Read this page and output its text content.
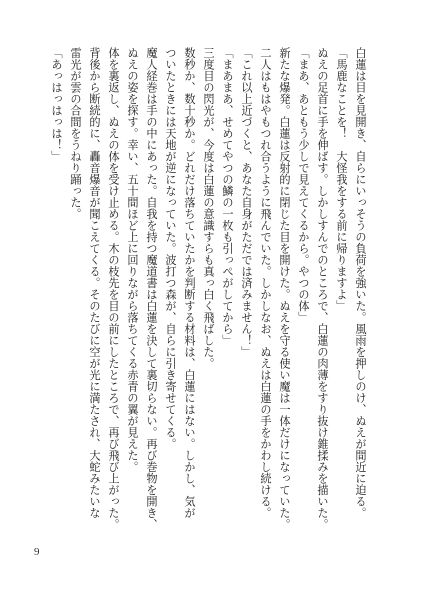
白蓮は目を見開き、自らにいっそうの負荷を強いた。風雨を押しのけ、ぬえが間近に迫る。
「馬鹿なことを！　大怪我をする前に帰りますよ」
ぬえの足首に手を伸ばす。しかしすんでのところで、白蓮の肉薄をすり抜け錐揉みを描いた。
「まあ、あともう少しで見えてくるから。やつの体」
新たな爆発。白蓮は反射的に閉じた目を開けた。ぬえを守る使い魔は一体だけになっていた。
二人はもはやもつれ合うように飛んでいた。しかしなお、ぬえは白蓮の手をかわし続ける。
「これ以上近づくと、あなた自身がただでは済みません！」
「まあまあ、せめてやつの鱗の一枚も引っぺがしてから」
三度目の閃光が、今度は白蓮の意識すらも真っ白く飛ばした。
数秒か、数十秒か。どれだけ落ちていたかを判断する材料は、白蓮にはない。しかし、気が
ついたときには天地が逆になっていた。波打つ森が、自らに引き寄せてくる。
魔人経巻は手の中にあった。自我を持つ魔道書は白蓮を決して裏切らない。再び巻物を開き、
ぬえの姿を探す。幸い、五十間ほど上に回りながら落ちてくる赤青の翼が見えた。
体を裏返し、ぬえの体を受け止める。木の枝先を目の前にしたところで、再び飛び上がった。
背後から断続的に、轟音爆音が聞こえてくる。そのたびに空が光に満たされ、大蛇みたいな
雷光が雲の合間をうねり踊った。
「あっはっはっは！」
9
